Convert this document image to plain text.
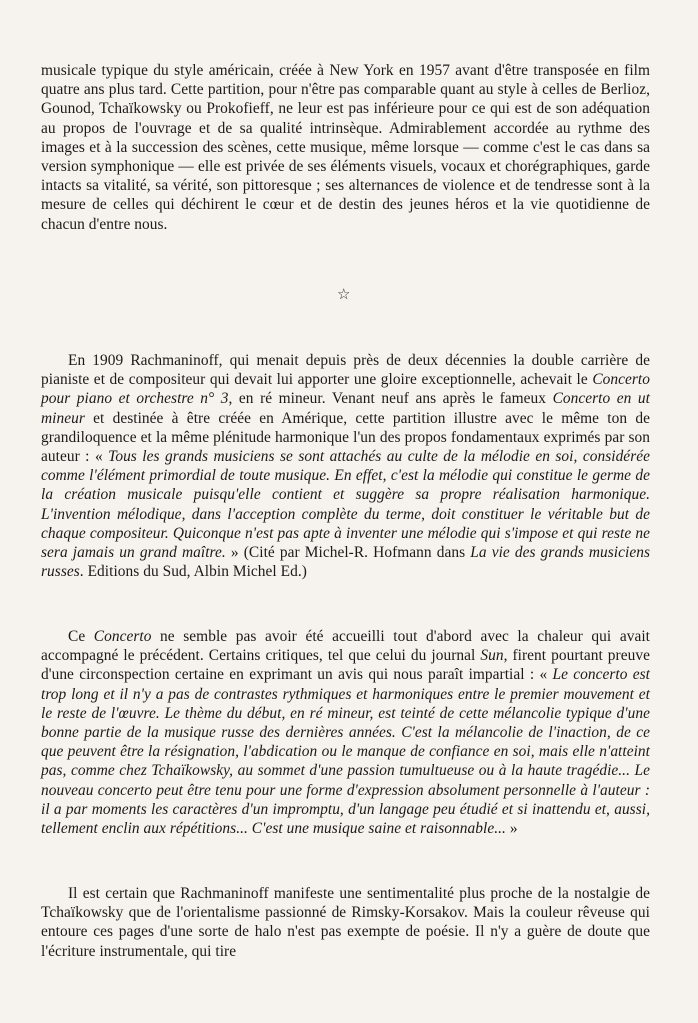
musicale typique du style américain, créée à New York en 1957 avant d'être transposée en film quatre ans plus tard. Cette partition, pour n'être pas comparable quant au style à celles de Berlioz, Gounod, Tchaïkowsky ou Prokofieff, ne leur est pas inférieure pour ce qui est de son adéquation au propos de l'ouvrage et de sa qualité intrinsèque. Admirablement accordée au rythme des images et à la succession des scènes, cette musique, même lorsque — comme c'est le cas dans sa version symphonique — elle est privée de ses éléments visuels, vocaux et chorégraphiques, garde intacts sa vitalité, sa vérité, son pittoresque ; ses alternances de violence et de tendresse sont à la mesure de celles qui déchirent le cœur et de destin des jeunes héros et la vie quotidienne de chacun d'entre nous.

☆

En 1909 Rachmaninoff, qui menait depuis près de deux décennies la double carrière de pianiste et de compositeur qui devait lui apporter une gloire exceptionnelle, achevait le Concerto pour piano et orchestre n° 3, en ré mineur. Venant neuf ans après le fameux Concerto en ut mineur et destinée à être créée en Amérique, cette partition illustre avec le même ton de grandiloquence et la même plénitude harmonique l'un des propos fondamentaux exprimés par son auteur : « Tous les grands musiciens se sont attachés au culte de la mélodie en soi, considérée comme l'élément primordial de toute musique. En effet, c'est la mélodie qui constitue le germe de la création musicale puisqu'elle contient et suggère sa propre réalisation harmonique. L'invention mélodique, dans l'acception complète du terme, doit constituer le véritable but de chaque compositeur. Quiconque n'est pas apte à inventer une mélodie qui s'impose et qui reste ne sera jamais un grand maître. » (Cité par Michel-R. Hofmann dans La vie des grands musiciens russes. Editions du Sud, Albin Michel Ed.)

Ce Concerto ne semble pas avoir été accueilli tout d'abord avec la chaleur qui avait accompagné le précédent. Certains critiques, tel que celui du journal Sun, firent pourtant preuve d'une circonspection certaine en exprimant un avis qui nous paraît impartial : « Le concerto est trop long et il n'y a pas de contrastes rythmiques et harmoniques entre le premier mouvement et le reste de l'œuvre. Le thème du début, en ré mineur, est teinté de cette mélancolie typique d'une bonne partie de la musique russe des dernières années. C'est la mélancolie de l'inaction, de ce que peuvent être la résignation, l'abdication ou le manque de confiance en soi, mais elle n'atteint pas, comme chez Tchaïkowsky, au sommet d'une passion tumultueuse ou à la haute tragédie... Le nouveau concerto peut être tenu pour une forme d'expression absolument personnelle à l'auteur : il a par moments les caractères d'un impromptu, d'un langage peu étudié et si inattendu et, aussi, tellement enclin aux répétitions... C'est une musique saine et raisonnable... »

Il est certain que Rachmaninoff manifeste une sentimentalité plus proche de la nostalgie de Tchaïkowsky que de l'orientalisme passionné de Rimsky-Korsakov. Mais la couleur rêveuse qui entoure ces pages d'une sorte de halo n'est pas exempte de poésie. Il n'y a guère de doute que l'écriture instrumentale, qui tire
